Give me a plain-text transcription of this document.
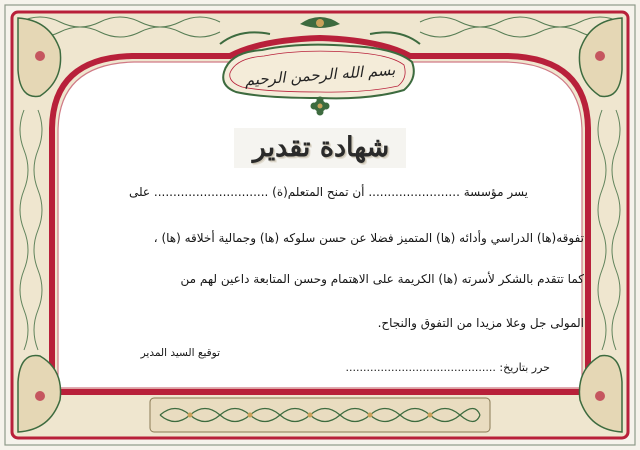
بسم الله الرحمن الرحيم
شهادة تقدير
يسر مؤسسة ........................ أن تمنح المتعلم(ة) .............................. على
تفوقه(ها) الدراسي وأدائه (ها) المتميز فضلا عن حسن سلوكه (ها) وجمالية أخلاقه (ها) ،
كما تتقدم بالشكر لأسرته (ها) الكريمة على الاهتمام وحسن المتابعة داعين لهم من
المولى جل وعلا مزيدا من التفوق والنجاح.
توقيع السيد المدير
حرر بتاريخ: ...........................................
